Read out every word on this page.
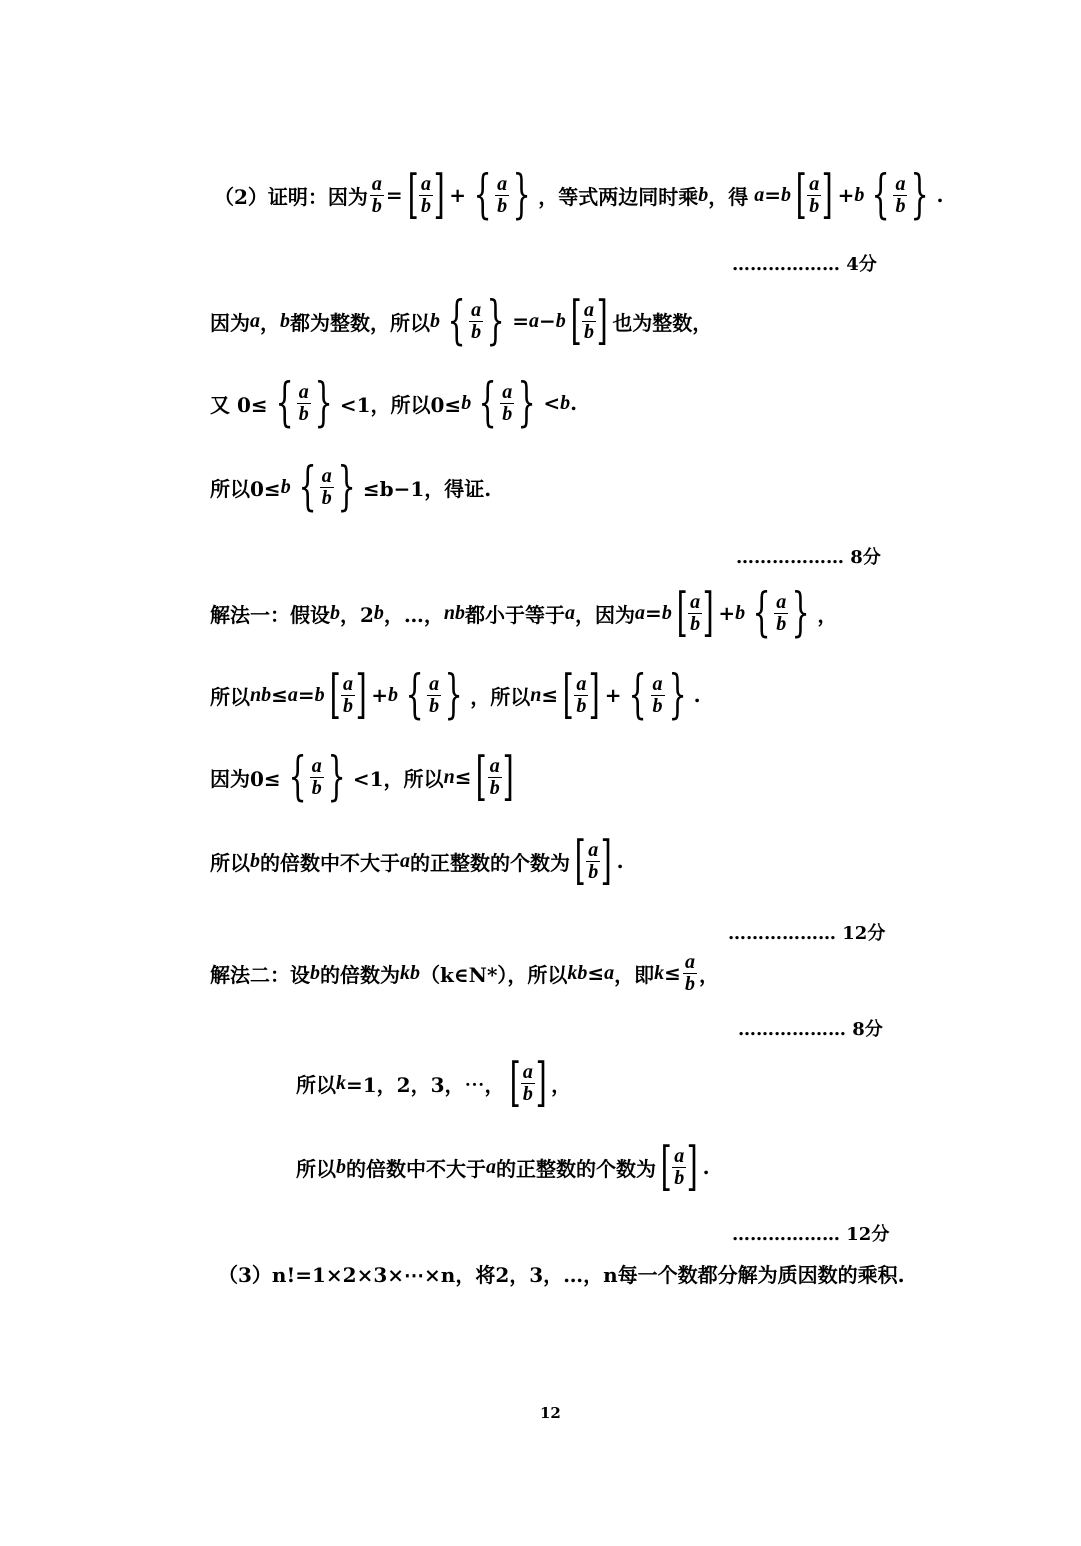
（2）证明：因为 $\frac{a}{b}$ = [ $\frac{a}{b}$ ] + { $\frac{a}{b}$ } ，等式两边同时乘 b ，得 a = b [ $\frac{a}{b}$ ] + b { $\frac{a}{b}$ } .
……………… 4分
因为 a ， b 都为整数，所以 b { $\frac{a}{b}$ } = a − b [ $\frac{a}{b}$ ] 也为整数，
又 0≤ { $\frac{a}{b}$ } <1，所以0≤ b { $\frac{a}{b}$ } < b .
所以0≤ b { $\frac{a}{b}$ } ≤b−1，得证.
……………… 8分
解法一：假设 b ，2 b ，…， nb 都小于等于 a ，因为 a = b [ $\frac{a}{b}$ ] + b { $\frac{a}{b}$ } ，
所以 nb ≤ a = b [ $\frac{a}{b}$ ] + b { $\frac{a}{b}$ } ，所以 n ≤ [ $\frac{a}{b}$ ] + { $\frac{a}{b}$ } .
因为0≤ { $\frac{a}{b}$ } <1，所以 n ≤ [ $\frac{a}{b}$ ]
所以 b 的倍数中不大于 a 的正整数的个数为 [ $\frac{a}{b}$ ] .
……………… 12分
解法二：设 b 的倍数为 kb （k∈N*），所以 kb ≤ a ，即 $k \le \frac{a}{b}$ ，
……………… 8分
所以 k =1，2，3，⋯， [ $\frac{a}{b}$ ] ，
所以 b 的倍数中不大于 a 的正整数的个数为 [ $\frac{a}{b}$ ] .
……………… 12分
（3）n!=1×2×3×⋯×n，将2，3，…，n每一个数都分解为质因数的乘积.
12
